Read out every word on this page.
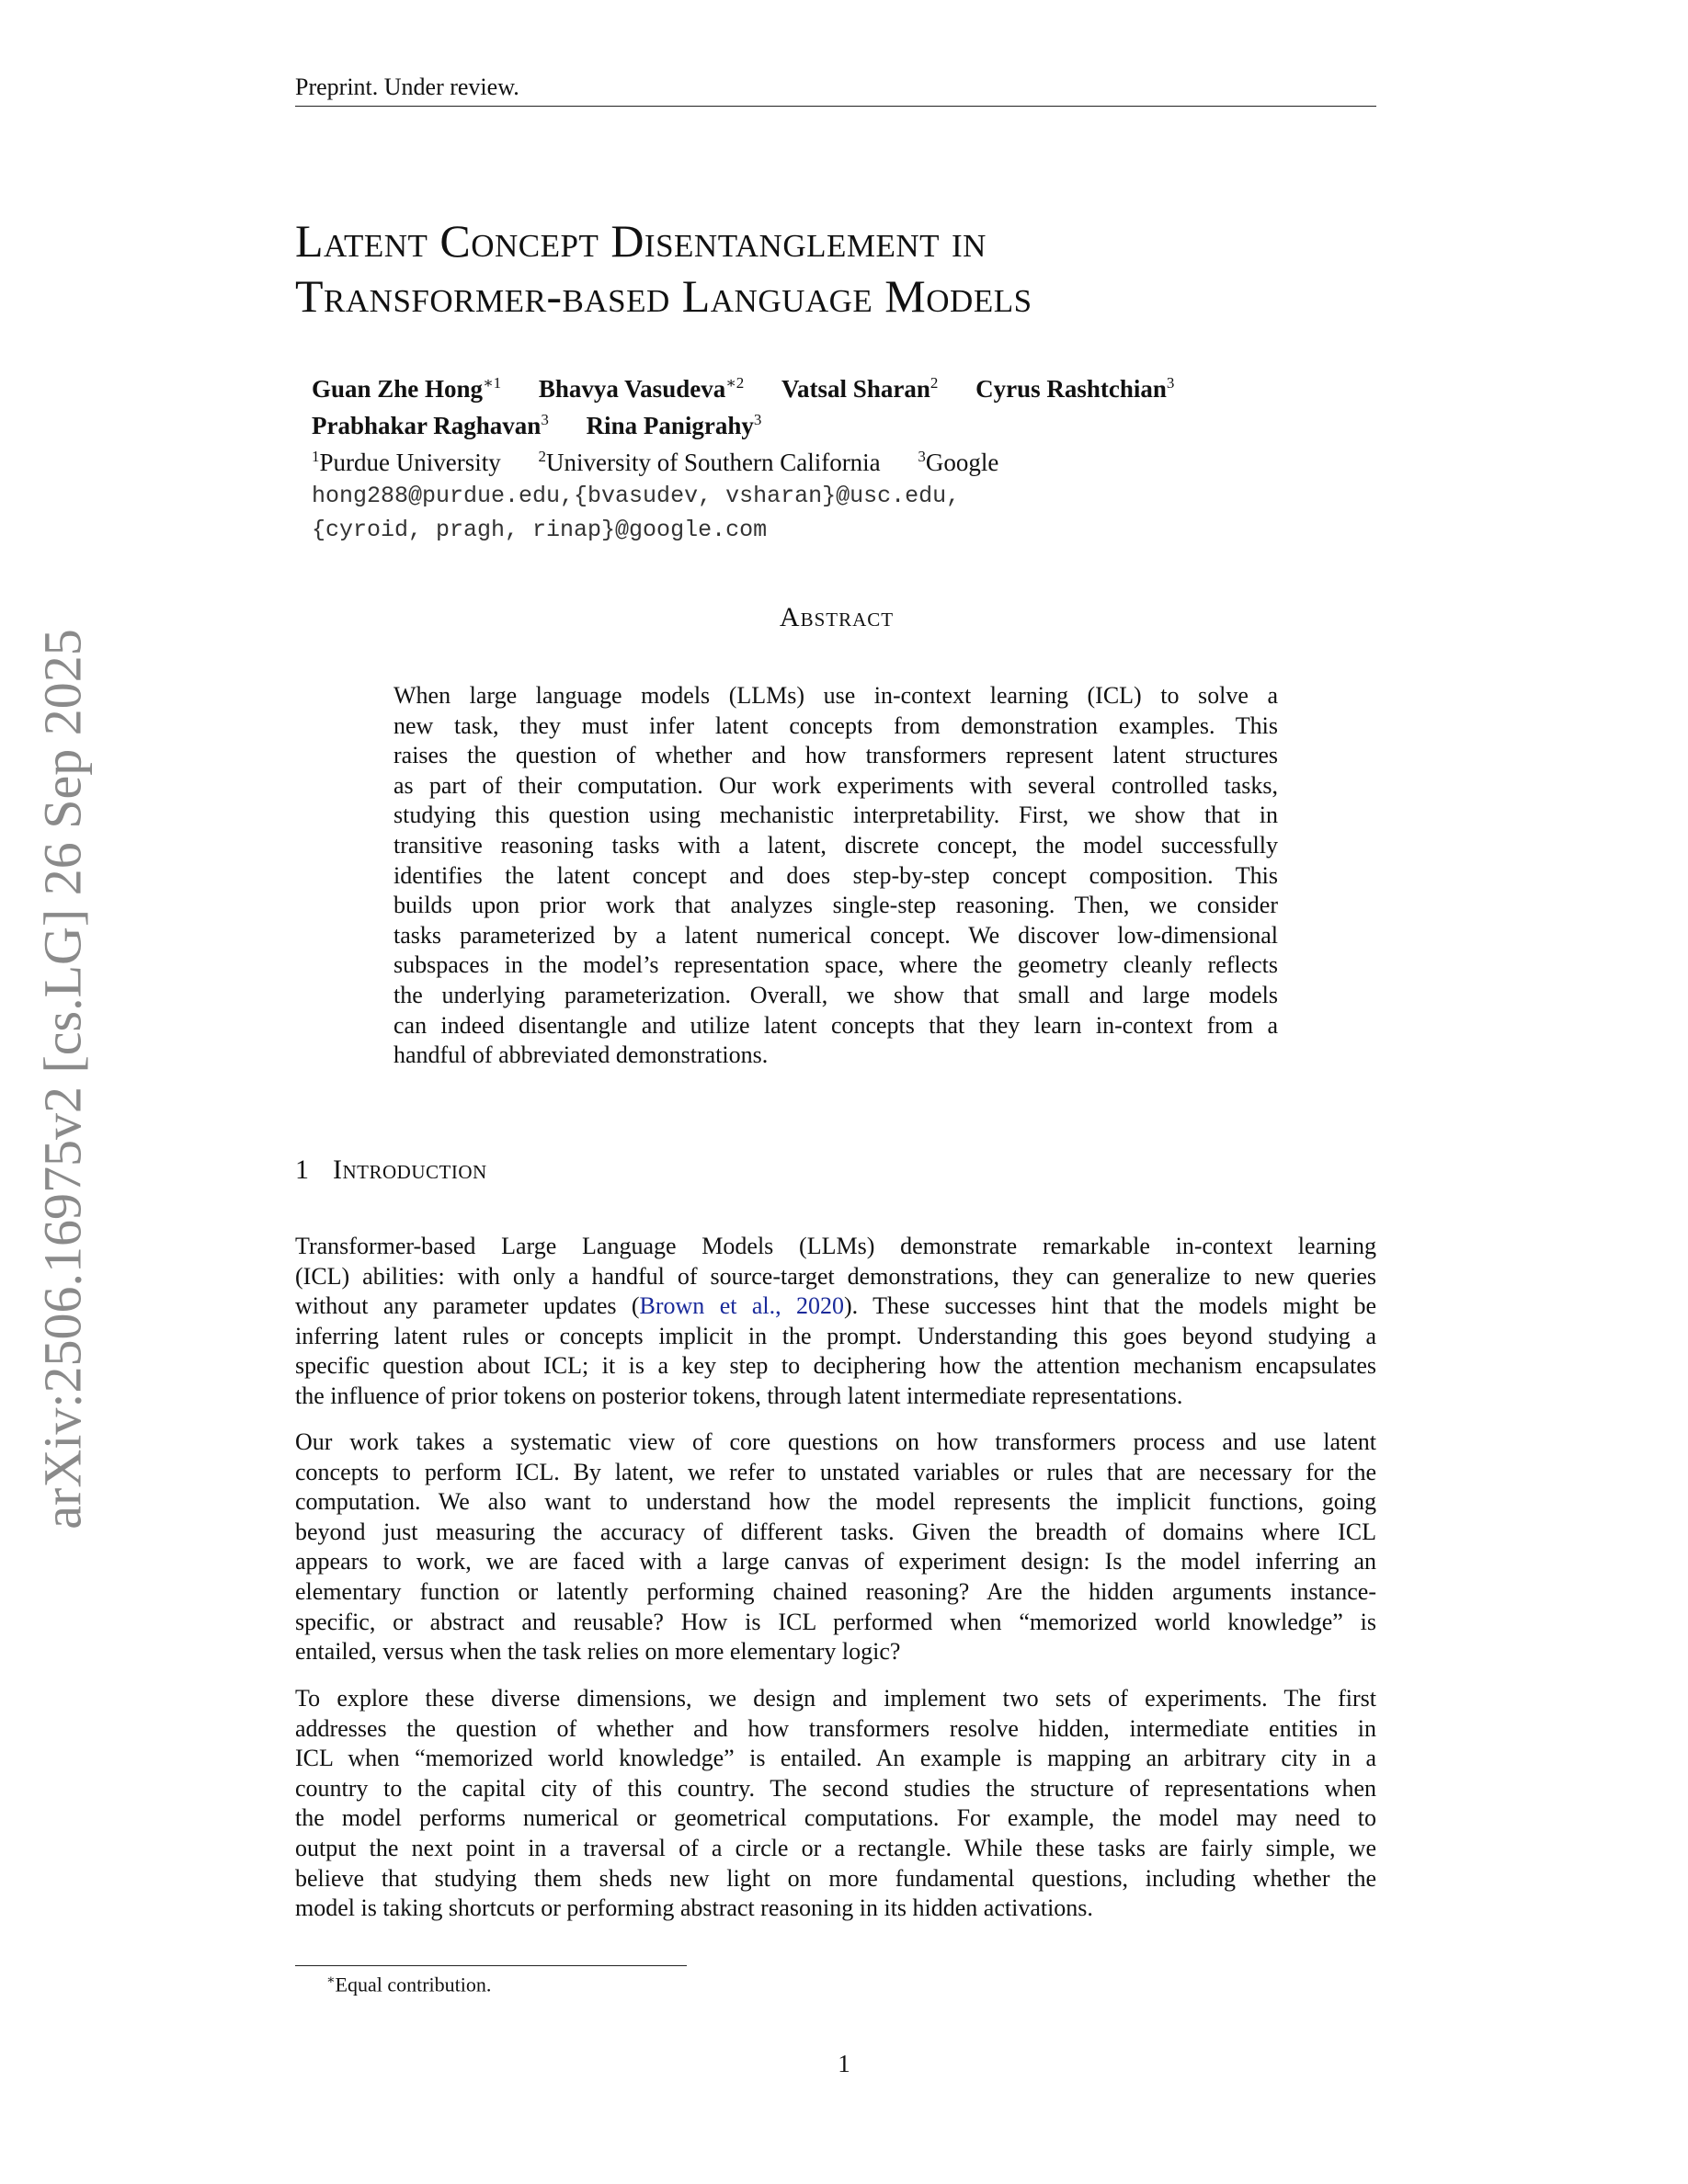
arXiv:2506.16975v2 [cs.LG] 26 Sep 2025
Preprint. Under review.
Latent Concept Disentanglement in
Transformer-based Language Models
Guan Zhe Hong$^{∗1}$ Bhavya Vasudeva$^{∗2}$ Vatsal Sharan$^2$ Cyrus Rashtchian$^3$
Prabhakar Raghavan$^3$ Rina Panigrahy$^3$
$^1$Purdue University $^2$University of Southern California $^3$Google
hong288@purdue.edu,{bvasudev, vsharan}@usc.edu,
{cyroid, pragh, rinap}@google.com
Abstract
When large language models (LLMs) use in-context learning (ICL) to solve a
new task, they must infer latent concepts from demonstration examples. This
raises the question of whether and how transformers represent latent structures
as part of their computation. Our work experiments with several controlled tasks,
studying this question using mechanistic interpretability. First, we show that in
transitive reasoning tasks with a latent, discrete concept, the model successfully
identifies the latent concept and does step-by-step concept composition. This
builds upon prior work that analyzes single-step reasoning. Then, we consider
tasks parameterized by a latent numerical concept. We discover low-dimensional
subspaces in the model’s representation space, where the geometry cleanly reflects
the underlying parameterization. Overall, we show that small and large models
can indeed disentangle and utilize latent concepts that they learn in-context from a
handful of abbreviated demonstrations.
1 Introduction
Transformer-based Large Language Models (LLMs) demonstrate remarkable in-context learning
(ICL) abilities: with only a handful of source-target demonstrations, they can generalize to new queries
without any parameter updates (Brown et al., 2020). These successes hint that the models might be
inferring latent rules or concepts implicit in the prompt. Understanding this goes beyond studying a
specific question about ICL; it is a key step to deciphering how the attention mechanism encapsulates
the influence of prior tokens on posterior tokens, through latent intermediate representations.
Our work takes a systematic view of core questions on how transformers process and use latent
concepts to perform ICL. By latent, we refer to unstated variables or rules that are necessary for the
computation. We also want to understand how the model represents the implicit functions, going
beyond just measuring the accuracy of different tasks. Given the breadth of domains where ICL
appears to work, we are faced with a large canvas of experiment design: Is the model inferring an
elementary function or latently performing chained reasoning? Are the hidden arguments instance-
specific, or abstract and reusable? How is ICL performed when “memorized world knowledge” is
entailed, versus when the task relies on more elementary logic?
To explore these diverse dimensions, we design and implement two sets of experiments. The first
addresses the question of whether and how transformers resolve hidden, intermediate entities in
ICL when “memorized world knowledge” is entailed. An example is mapping an arbitrary city in a
country to the capital city of this country. The second studies the structure of representations when
the model performs numerical or geometrical computations. For example, the model may need to
output the next point in a traversal of a circle or a rectangle. While these tasks are fairly simple, we
believe that studying them sheds new light on more fundamental questions, including whether the
model is taking shortcuts or performing abstract reasoning in its hidden activations.
∗Equal contribution.
1
